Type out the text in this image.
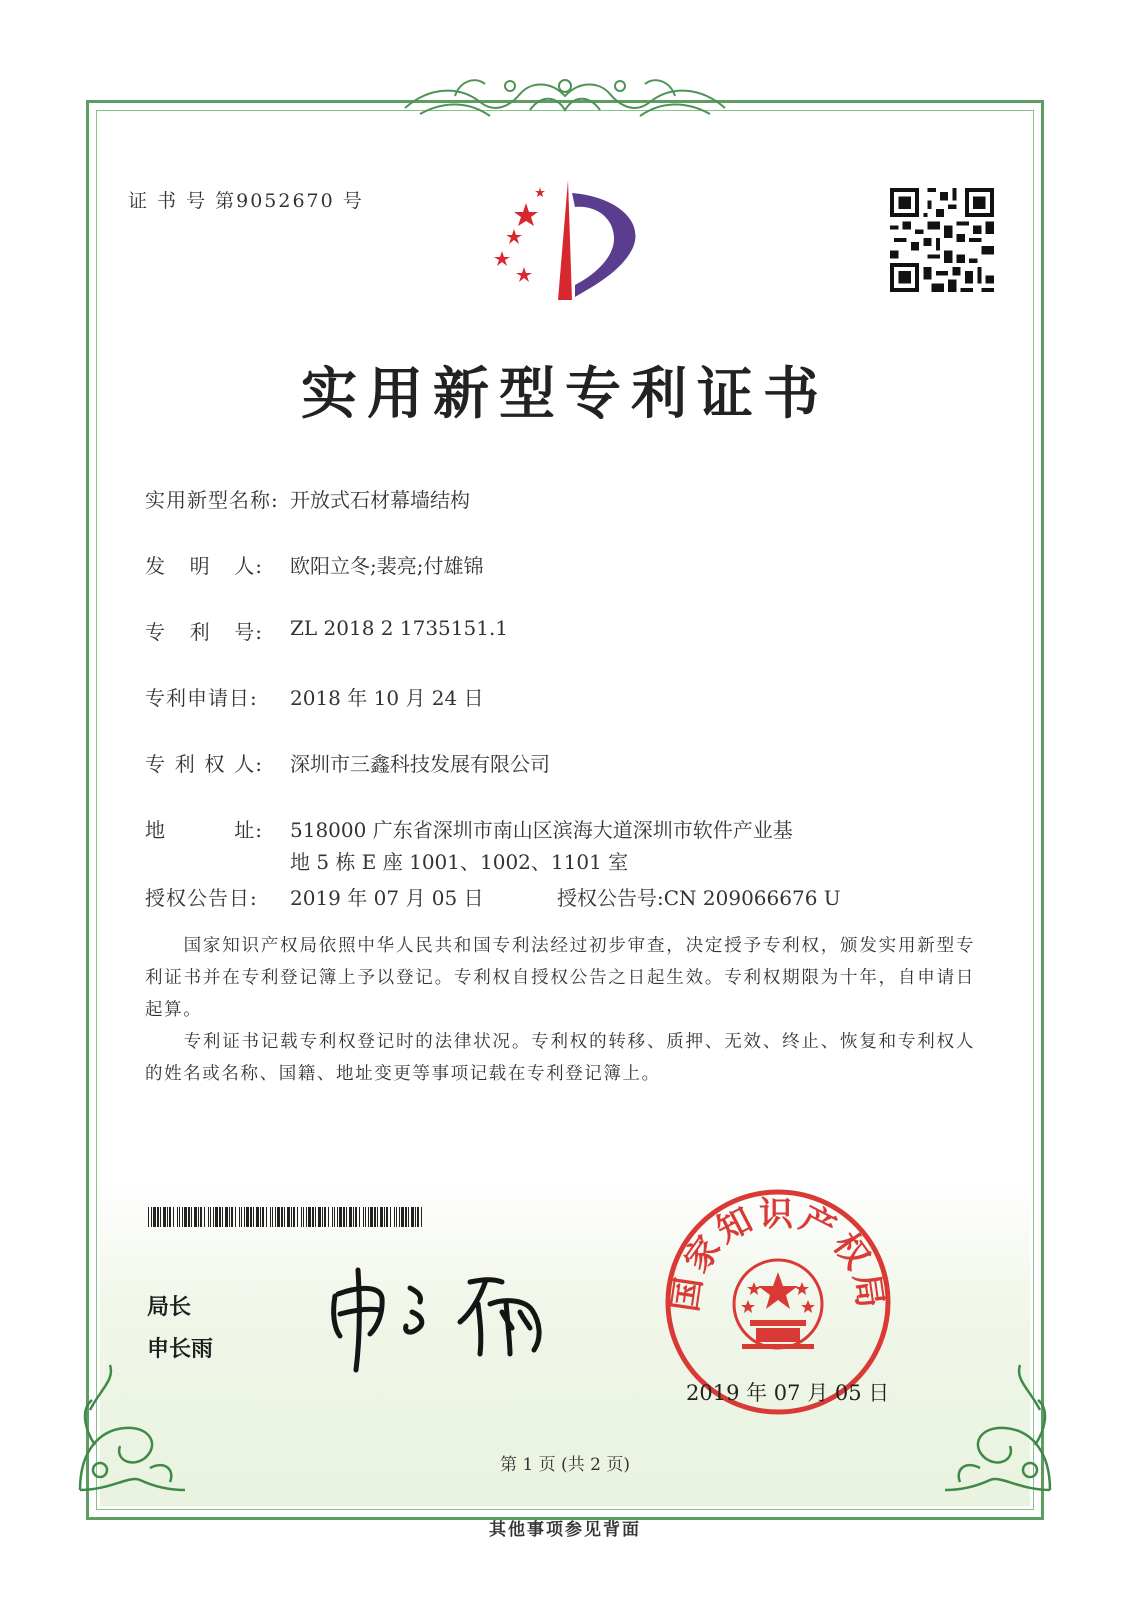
证 书 号 第9052670 号
实用新型专利证书
实用新型名称: 开放式石材幕墙结构
发 明 人: 欧阳立冬;裴亮;付雄锦
专 利 号: ZL 2018 2 1735151.1
专利申请日: 2018 年 10 月 24 日
专 利 权 人: 深圳市三鑫科技发展有限公司
地	址: 518000 广东省深圳市南山区滨海大道深圳市软件产业基
地 5 栋 E 座 1001、1002、1101 室
授权公告日: 2019 年 07 月 05 日	授权公告号:CN 209066676 U
　　国家知识产权局依照中华人民共和国专利法经过初步审查，决定授予专利权，颁发实用新型专利证书并在专利登记簿上予以登记。专利权自授权公告之日起生效。专利权期限为十年，自申请日起算。
　　专利证书记载专利权登记时的法律状况。专利权的转移、质押、无效、终止、恢复和专利权人的姓名或名称、国籍、地址变更等事项记载在专利登记簿上。
局长
申长雨
国家知识产权局
2019 年 07 月 05 日
第 1 页 (共 2 页)
其他事项参见背面
